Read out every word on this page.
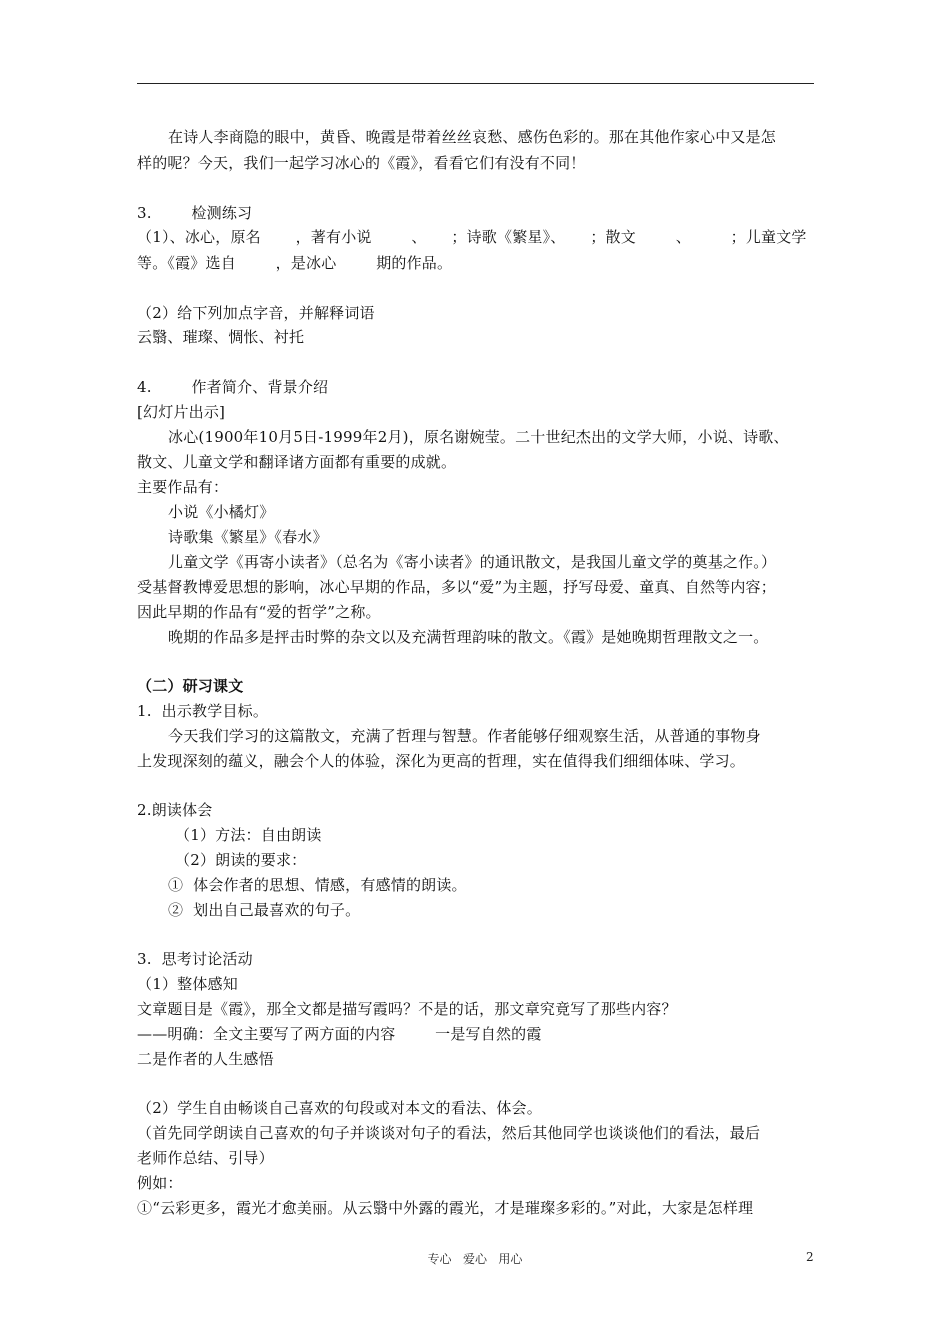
在诗人李商隐的眼中，黄昏、晚霞是带着丝丝哀愁、感伤色彩的。那在其他作家心中又是怎
样的呢？今天，我们一起学习冰心的《霞》，看看它们有没有不同！
3.        检测练习
（1）、冰心，原名       ，著有小说        、     ；诗歌《繁星》、     ；散文        、        ；儿童文学
等。《霞》选自        ，是冰心        期的作品。
（2）给下列加点字音，并解释词语
云翳、璀璨、惆怅、衬托
4.        作者简介、背景介绍
[幻灯片出示]
冰心(1900年10月5日-1999年2月)，原名谢婉莹。二十世纪杰出的文学大师，小说、诗歌、
散文、儿童文学和翻译诸方面都有重要的成就。
主要作品有：
小说《小橘灯》
诗歌集《繁星》《春水》
儿童文学《再寄小读者》（总名为《寄小读者》的通讯散文，是我国儿童文学的奠基之作。）
受基督教博爱思想的影响，冰心早期的作品，多以“爱”为主题，抒写母爱、童真、自然等内容；
因此早期的作品有“爱的哲学”之称。
晚期的作品多是抨击时弊的杂文以及充满哲理韵味的散文。《霞》是她晚期哲理散文之一。
（二）研习课文
1.  出示教学目标。
今天我们学习的这篇散文，充满了哲理与智慧。作者能够仔细观察生活，从普通的事物身
上发现深刻的蕴义，融会个人的体验，深化为更高的哲理，实在值得我们细细体味、学习。
2.朗读体会
（1）方法：自由朗读
（2）朗读的要求：
①  体会作者的思想、情感，有感情的朗读。
②  划出自己最喜欢的句子。
3.  思考讨论活动
（1）整体感知
文章题目是《霞》，那全文都是描写霞吗？不是的话，那文章究竟写了那些内容？
——明确：全文主要写了两方面的内容        一是写自然的霞
二是作者的人生感悟
（2）学生自由畅谈自己喜欢的句段或对本文的看法、体会。
（首先同学朗读自己喜欢的句子并谈谈对句子的看法，然后其他同学也谈谈他们的看法，最后
老师作总结、引导）
例如：
①“云彩更多，霞光才愈美丽。从云翳中外露的霞光，才是璀璨多彩的。”对此，大家是怎样理
专心   爱心   用心	2
